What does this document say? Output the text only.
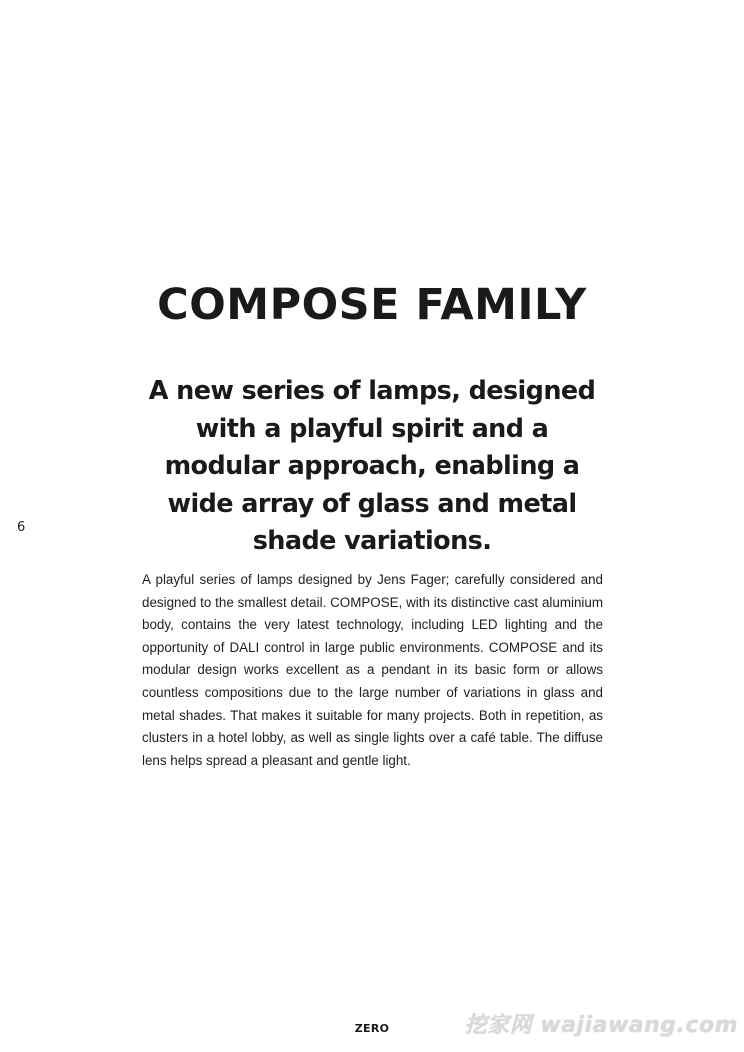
COMPOSE FAMILY

A new series of lamps, designed with a playful spirit and a modular approach, enabling a wide array of glass and metal shade variations.

6

A playful series of lamps designed by Jens Fager; carefully considered and designed to the smallest detail. COMPOSE, with its distinctive cast aluminium body, contains the very latest technology, including LED lighting and the opportunity of DALI control in large public environments. COMPOSE and its modular design works excellent as a pendant in its basic form or allows countless compositions due to the large number of variations in glass and metal shades. That makes it suitable for many projects. Both in repetition, as clusters in a hotel lobby, as well as single lights over a café table. The diffuse lens helps spread a pleasant and gentle light.

ZERO	挖家网 wajiawang.com
